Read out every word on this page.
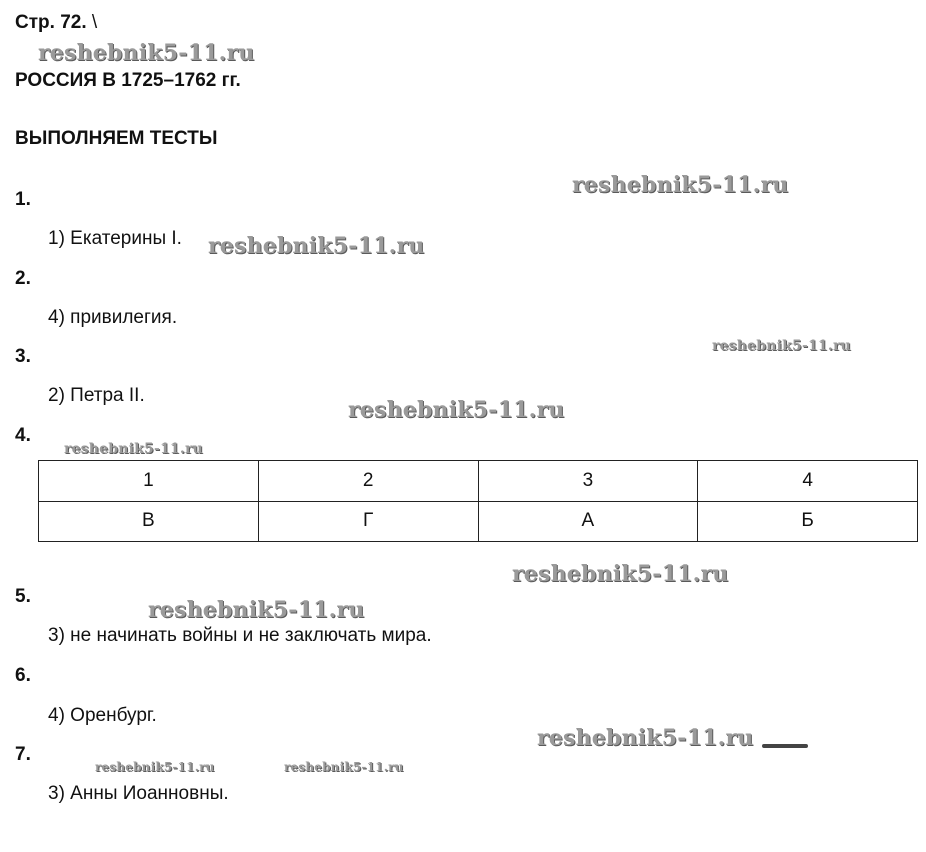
Стр. 72. \
РОССИЯ В 1725–1762 гг.
ВЫПОЛНЯЕМ ТЕСТЫ
1.
1) Екатерины I.
2.
4) привилегия.
3.
2) Петра II.
4.
1	2	3	4
В	Г	А	Б
5.
3) не начинать войны и не заключать мира.
6.
4) Оренбург.
7.
3) Анны Иоанновны.
reshebnik5-11.ru
reshebnik5-11.ru
reshebnik5-11.ru
reshebnik5-11.ru
reshebnik5-11.ru
reshebnik5-11.ru
reshebnik5-11.ru
reshebnik5-11.ru
reshebnik5-11.ru
reshebnik5-11.ru	reshebnik5-11.ru
